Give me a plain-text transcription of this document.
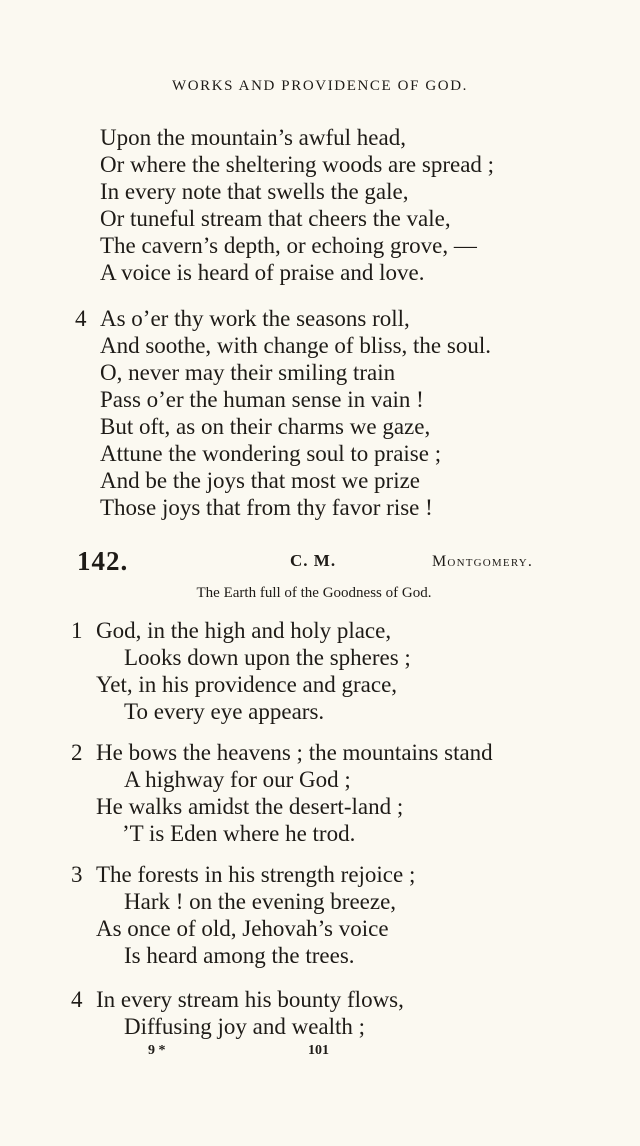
WORKS AND PROVIDENCE OF GOD.
Upon the mountain’s awful head,
Or where the sheltering woods are spread ;
In every note that swells the gale,
Or tuneful stream that cheers the vale,
The cavern’s depth, or echoing grove, —
A voice is heard of praise and love.
4 As o’er thy work the seasons roll,
And soothe, with change of bliss, the soul.
O, never may their smiling train
Pass o’er the human sense in vain !
But oft, as on their charms we gaze,
Attune the wondering soul to praise ;
And be the joys that most we prize
Those joys that from thy favor rise !
142.	C. M.	Montgomery.
The Earth full of the Goodness of God.
1 God, in the high and holy place,
Looks down upon the spheres ;
Yet, in his providence and grace,
To every eye appears.
2 He bows the heavens ; the mountains stand
A highway for our God ;
He walks amidst the desert-land ;
’T is Eden where he trod.
3 The forests in his strength rejoice ;
Hark ! on the evening breeze,
As once of old, Jehovah’s voice
Is heard among the trees.
4 In every stream his bounty flows,
Diffusing joy and wealth ;
9 *	101
